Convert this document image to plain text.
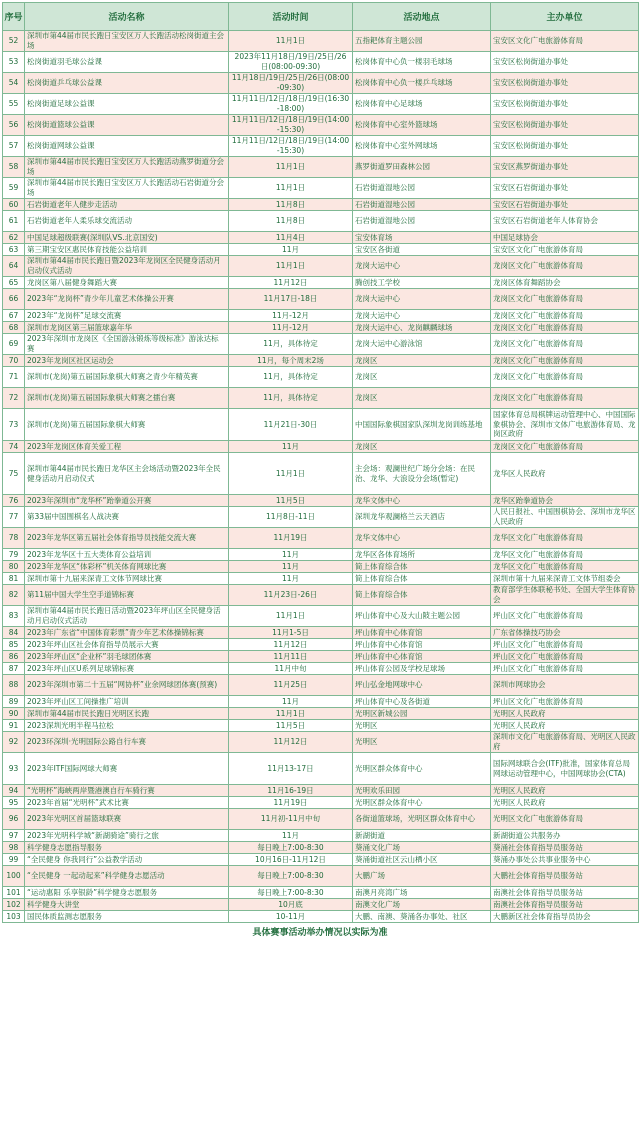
序号	活动名称	活动时间	活动地点	主办单位
52	深圳市第44届市民长跑日宝安区万人长跑活动松岗街道主会场	11月1日	五指耙体育主题公园	宝安区文化广电旅游体育局
53	松岗街道羽毛球公益课	2023年11月18日/19日/25日/26日(08:00-09:30)	松岗体育中心负一楼羽毛球场	宝安区松岗街道办事处
54	松岗街道乒乓球公益课	11月18日/19日/25日/26日(08:00-09:30)	松岗体育中心负一楼乒乓球场	宝安区松岗街道办事处
55	松岗街道足球公益课	11月11日/12日/18日/19日(16:30-18:00)	松岗体育中心足球场	宝安区松岗街道办事处
56	松岗街道篮球公益课	11月11日/12日/18日/19日(14:00-15:30)	松岗体育中心室外篮球场	宝安区松岗街道办事处
57	松岗街道网球公益课	11月11日/12日/18日/19日(14:00-15:30)	松岗体育中心室外网球场	宝安区松岗街道办事处
58	深圳市第44届市民长跑日宝安区万人长跑活动燕罗街道分会场	11月1日	燕罗街道罗田森林公园	宝安区燕罗街道办事处
59	深圳市第44届市民长跑日宝安区万人长跑活动石岩街道分会场	11月1日	石岩街道湿地公园	宝安区石岩街道办事处
60	石岩街道老年人健步走活动	11月8日	石岩街道湿地公园	宝安区石岩街道办事处
61	石岩街道老年人柔乐球交流活动	11月8日	石岩街道湿地公园	宝安区石岩街道老年人体育协会
62	中国足球超级联赛(深圳队VS.北京国安)	11月4日	宝安体育场	中国足球协会
63	第三期宝安区惠民体育技能公益培训	11月	宝安区各街道	宝安区文化广电旅游体育局
64	深圳市第44届市民长跑日暨2023年龙岗区全民健身活动月启动仪式活动	11月1日	龙岗大运中心	龙岗区文化广电旅游体育局
65	龙岗区第八届健身舞蹈大赛	11月12日	腾创技工学校	龙岗区体育舞蹈协会
66	2023年“龙岗杯”青少年儿童艺术体操公开赛	11月17日-18日	龙岗大运中心	龙岗区文化广电旅游体育局
67	2023年“龙岗杯”足球交流赛	11月-12月	龙岗大运中心	龙岗区文化广电旅游体育局
68	深圳市龙岗区第三届篮球嘉年华	11月-12月	龙岗大运中心、龙岗麒麟球场	龙岗区文化广电旅游体育局
69	2023年深圳市龙岗区《全国游泳锻炼等级标准》游泳达标赛	11月，具体待定	龙岗大运中心游泳馆	龙岗区文化广电旅游体育局
70	2023年龙岗区社区运动会	11月，每个周末2场	龙岗区	龙岗区文化广电旅游体育局
71	深圳市(龙岗)第五届国际象棋大师赛之青少年精英赛	11月，具体待定	龙岗区	龙岗区文化广电旅游体育局
72	深圳市(龙岗)第五届国际象棋大师赛之擂台赛	11月，具体待定	龙岗区	龙岗区文化广电旅游体育局
73	深圳市(龙岗)第五届国际象棋大师赛	11月21日-30日	中国国际象棋国家队深圳龙岗训练基地	国家体育总局棋牌运动管理中心、中国国际象棋协会、深圳市文体广电旅游体育局、龙岗区政府
74	2023年龙岗区体育关爱工程	11月	龙岗区	龙岗区文化广电旅游体育局
75	深圳市第44届市民长跑日龙华区主会场活动暨2023年全民健身活动月启动仪式	11月1日	主会场：观澜世纪广场分会场：在民治、龙华、大浪设分会场(暂定)	龙华区人民政府
76	2023年深圳市“龙华杯”跆拳道公开赛	11月5日	龙华文体中心	龙华区跆拳道协会
77	第33届中国围棋名人战决赛	11月8日-11日	深圳龙华观澜格兰云天酒店	人民日报社、中国围棋协会、深圳市龙华区人民政府
78	2023年龙华区第五届社会体育指导员技能交流大赛	11月19日	龙华文体中心	龙华区文化广电旅游体育局
79	2023年龙华区十五大类体育公益培训	11月	龙华区各体育场所	龙华区文化广电旅游体育局
80	2023年龙华区“体彩杯”机关体育网球比赛	11月	简上体育综合体	龙华区文化广电旅游体育局
81	深圳市第十九届来深青工文体节网球比赛	11月	简上体育综合体	深圳市第十九届来深青工文体节组委会
82	第11届中国大学生空手道锦标赛	11月23日-26日	简上体育综合体	教育部学生体联秘书处、全国大学生体育协会
83	深圳市第44届市民长跑日活动暨2023年坪山区全民健身活动月启动仪式活动	11月1日	坪山体育中心及大山陂主题公园	坪山区文化广电旅游体育局
84	2023年广东省“中国体育彩票”青少年艺术体操锦标赛	11月1-5日	坪山体育中心体育馆	广东省体操技巧协会
85	2023年坪山区社会体育指导员展示大赛	11月12日	坪山体育中心体育馆	坪山区文化广电旅游体育局
86	2023年坪山区“企业杯”羽毛球团体赛	11月11日	坪山体育中心体育馆	坪山区文化广电旅游体育局
87	2023年坪山区U系列足球锦标赛	11月中旬	坪山体育公园及学校足球场	坪山区文化广电旅游体育局
88	2023年深圳市第二十五届“网协杯”业余网球团体赛(预赛)	11月25日	坪山弘金地网球中心	深圳市网球协会
89	2023年坪山区工间操推广培训	11月	坪山体育中心及各街道	坪山区文化广电旅游体育局
90	深圳市第44届市民长跑日光明区长跑	11月1日	光明区新城公园	光明区人民政府
91	2023深圳光明半程马拉松	11月5日	光明区	光明区人民政府
92	2023环深圳·光明国际公路自行车赛	11月12日	光明区	深圳市文化广电旅游体育局、光明区人民政府
93	2023年ITF国际网球大师赛	11月13-17日	光明区群众体育中心	国际网球联合会(ITF)批准，国家体育总局网球运动管理中心，中国网球协会(CTA)
94	“光明杯”海峡两岸暨港澳自行车骑行赛	11月16-19日	光明欢乐田园	光明区人民政府
95	2023年首届“光明杯”武术比赛	11月19日	光明区群众体育中心	光明区人民政府
96	2023年光明区首届篮球联赛	11月初-11月中旬	各街道篮球场，光明区群众体育中心	光明区文化广电旅游体育局
97	2023年光明科学城“新湖骑途”骑行之旅	11月	新湖街道	新湖街道公共服务办
98	科学健身志愿指导服务	每日晚上7:00-8:30	葵涌文化广场	葵涌社会体育指导员服务站
99	“全民健身 你我同行”公益教学活动	10月16日-11月12日	葵涌街道社区云山栖小区	葵涌办事处公共事业服务中心
100	“全民健身 一起动起来”科学健身志愿活动	每日晚上7:00-8:30	大鹏广场	大鹏社会体育指导员服务站
101	“运动惠阳 乐享银龄”科学健身志愿服务	每日晚上7:00-8:30	南澳月亮湾广场	南澳社会体育指导员服务站
102	科学健身大讲堂	10月底	南澳文化广场	南澳社会体育指导员服务站
103	国民体质监测志愿服务	10-11月	大鹏、南澳、葵涌各办事处、社区	大鹏新区社会体育指导员协会
具体赛事活动举办情况以实际为准
